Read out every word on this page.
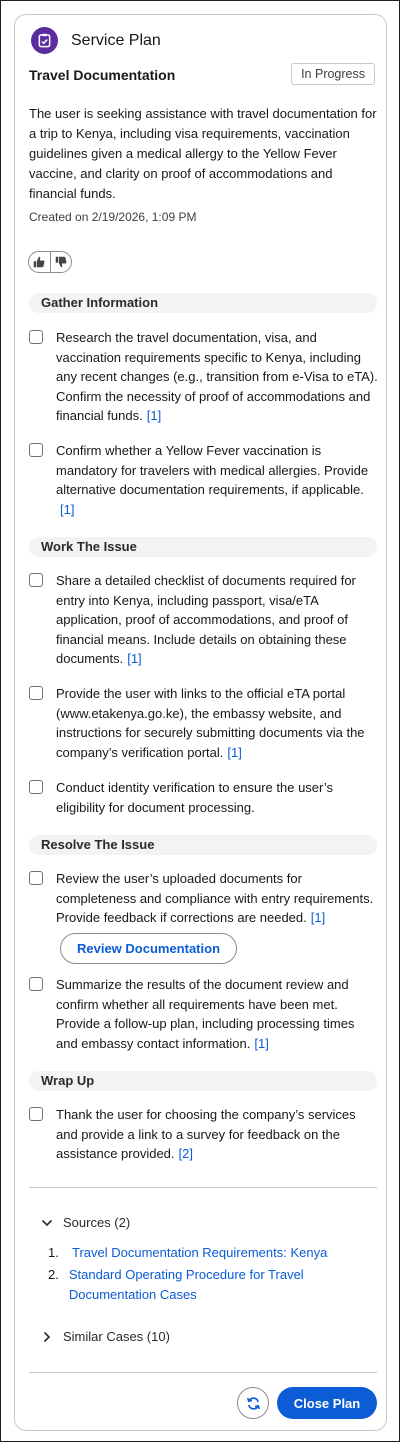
Service Plan
Travel Documentation	In Progress

The user is seeking assistance with travel documentation for a trip to Kenya, including visa requirements, vaccination guidelines given a medical allergy to the Yellow Fever vaccine, and clarity on proof of accommodations and financial funds.

Created on 2/19/2026, 1:09 PM
Gather Information
Research the travel documentation, visa, and vaccination requirements specific to Kenya, including any recent changes (e.g., transition from e-Visa to eTA). Confirm the necessity of proof of accommodations and financial funds. [1]
Confirm whether a Yellow Fever vaccination is mandatory for travelers with medical allergies. Provide alternative documentation requirements, if applicable.[1]
Work The Issue
Share a detailed checklist of documents required for entry into Kenya, including passport, visa/eTA application, proof of accommodations, and proof of financial means. Include details on obtaining these documents. [1]
Provide the user with links to the official eTA portal (www.etakenya.go.ke), the embassy website, and instructions for securely submitting documents via the company’s verification portal. [1]
Conduct identity verification to ensure the user’s eligibility for document processing.
Resolve The Issue
Review the user’s uploaded documents for completeness and compliance with entry requirements. Provide feedback if corrections are needed. [1]
Review Documentation
Summarize the results of the document review and confirm whether all requirements have been met. Provide a follow-up plan, including processing times and embassy contact information. [1]
Wrap Up
Thank the user for choosing the company’s services and provide a link to a survey for feedback on the assistance provided. [2]
Sources (2)
1.	Travel Documentation Requirements: Kenya
2. Standard Operating Procedure for Travel Documentation Cases
Similar Cases (10)
Close Plan
